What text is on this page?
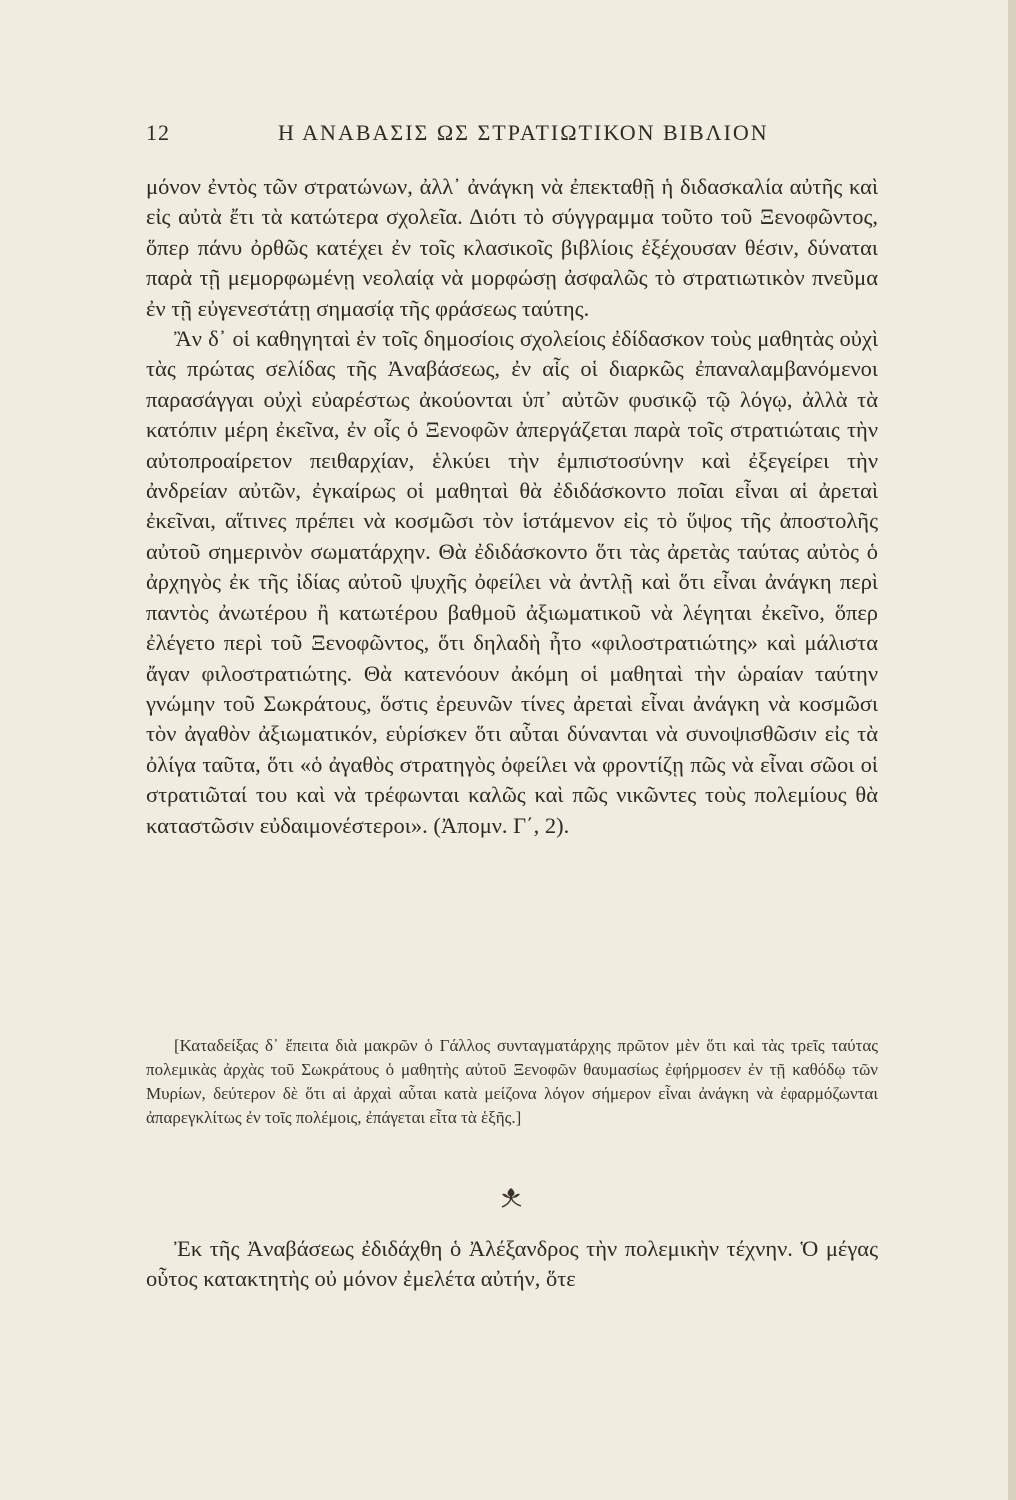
12	Η ΑΝΑΒΑΣΙΣ ΩΣ ΣΤΡΑΤΙΩΤΙΚΟΝ ΒΙΒΛΙΟΝ

μόνον ἐντὸς τῶν στρατώνων, ἀλλ᾽ ἀνάγκη νὰ ἐπεκταθῇ ἡ διδασκαλία αὐτῆς καὶ εἰς αὐτὰ ἔτι τὰ κατώτερα σχολεῖα. Διότι τὸ σύγγραμμα τοῦτο τοῦ Ξενοφῶντος, ὅπερ πάνυ ὀρθῶς κατέχει ἐν τοῖς κλασικοῖς βιβλίοις ἐξέχουσαν θέσιν, δύναται παρὰ τῇ μεμορφωμένῃ νεολαίᾳ νὰ μορφώσῃ ἀσφαλῶς τὸ στρατιωτικὸν πνεῦμα ἐν τῇ εὐγενεστάτῃ σημασίᾳ τῆς φράσεως ταύτης.

Ἂν δ᾽ οἱ καθηγηταὶ ἐν τοῖς δημοσίοις σχολείοις ἐδίδασκον τοὺς μαθητὰς οὐχὶ τὰς πρώτας σελίδας τῆς Ἀναβάσεως, ἐν αἷς οἱ διαρκῶς ἐπαναλαμβανόμενοι παρασάγγαι οὐχὶ εὐαρέστως ἀκούονται ὑπ᾽ αὐτῶν φυσικῷ τῷ λόγῳ, ἀλλὰ τὰ κατόπιν μέρη ἐκεῖνα, ἐν οἷς ὁ Ξενοφῶν ἀπεργάζεται παρὰ τοῖς στρατιώταις τὴν αὐτοπροαίρετον πειθαρχίαν, ἑλκύει τὴν ἐμπιστοσύνην καὶ ἐξεγείρει τὴν ἀνδρείαν αὐτῶν, ἐγκαίρως οἱ μαθηταὶ θὰ ἐδιδάσκοντο ποῖαι εἶναι αἱ ἀρεταὶ ἐκεῖναι, αἵτινες πρέπει νὰ κοσμῶσι τὸν ἱστάμενον εἰς τὸ ὕψος τῆς ἀποστολῆς αὐτοῦ σημερινὸν σωματάρχην. Θὰ ἐδιδάσκοντο ὅτι τὰς ἀρετὰς ταύτας αὐτὸς ὁ ἀρχηγὸς ἐκ τῆς ἰδίας αὐτοῦ ψυχῆς ὀφείλει νὰ ἀντλῇ καὶ ὅτι εἶναι ἀνάγκη περὶ παντὸς ἀνωτέρου ἢ κατωτέρου βαθμοῦ ἀξιωματικοῦ νὰ λέγηται ἐκεῖνο, ὅπερ ἐλέγετο περὶ τοῦ Ξενοφῶντος, ὅτι δηλαδὴ ἦτο «φιλοστρατιώτης» καὶ μάλιστα ἄγαν φιλοστρατιώτης. Θὰ κατενόουν ἀκόμη οἱ μαθηταὶ τὴν ὡραίαν ταύτην γνώμην τοῦ Σωκράτους, ὅστις ἐρευνῶν τίνες ἀρεταὶ εἶναι ἀνάγκη νὰ κοσμῶσι τὸν ἀγαθὸν ἀξιωματικόν, εὑρίσκεν ὅτι αὗται δύνανται νὰ συνοψισθῶσιν εἰς τὰ ὀλίγα ταῦτα, ὅτι «ὁ ἀγαθὸς στρατηγὸς ὀφείλει νὰ φροντίζῃ πῶς νὰ εἶναι σῶοι οἱ στρατιῶταί του καὶ νὰ τρέφωνται καλῶς καὶ πῶς νικῶντες τοὺς πολεμίους θὰ καταστῶσιν εὐδαιμονέστεροι». (Ἀπομν. Γ΄, 2).

[Καταδείξας δ᾽ ἔπειτα διὰ μακρῶν ὁ Γάλλος συνταγματάρχης πρῶτον μὲν ὅτι καὶ τὰς τρεῖς ταύτας πολεμικὰς ἀρχὰς τοῦ Σωκράτους ὁ μαθητὴς αὐτοῦ Ξενοφῶν θαυμασίως ἐφήρμοσεν ἐν τῇ καθόδῳ τῶν Μυρίων, δεύτερον δὲ ὅτι αἱ ἀρχαὶ αὗται κατὰ μείζονα λόγον σήμερον εἶναι ἀνάγκη νὰ ἐφαρμόζωνται ἀπαρεγκλίτως ἐν τοῖς πολέμοις, ἐπάγεται εἶτα τὰ ἑξῆς.]
Ἐκ τῆς Ἀναβάσεως ἐδιδάχθη ὁ Ἀλέξανδρος τὴν πολεμικὴν τέχνην. Ὁ μέγας οὗτος κατακτητὴς οὐ μόνον ἐμελέτα αὐτήν, ὅτε
